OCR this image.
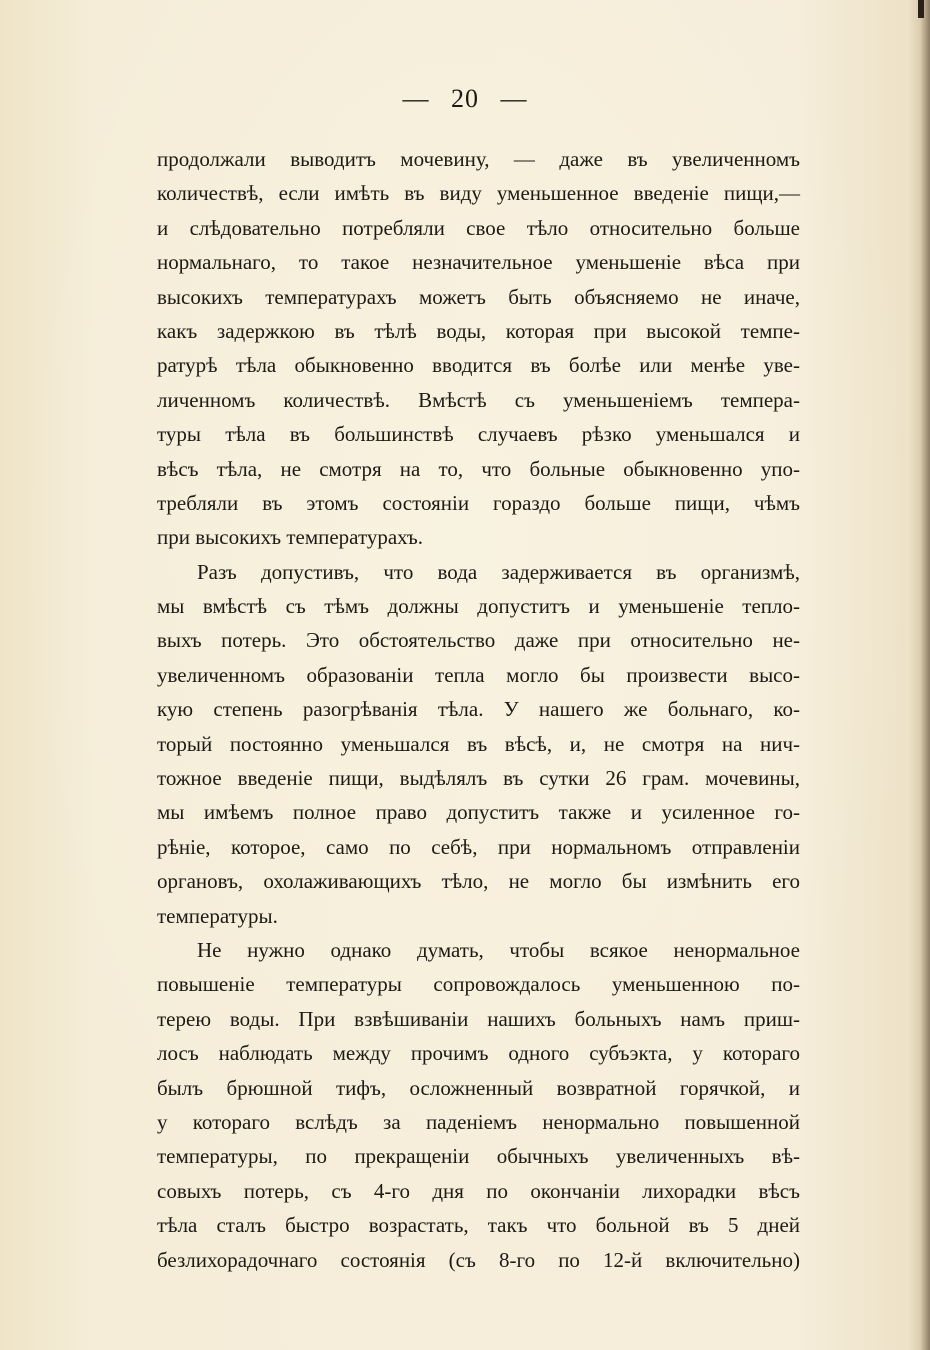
— 20 —
продолжали выводитъ мочевину, — даже въ увеличенномъ
количествѣ, если имѣть въ виду уменьшенное введеніе пищи,—
и слѣдовательно потребляли свое тѣло относительно больше
нормальнаго, то такое незначительное уменьшеніе вѣса при
высокихъ температурахъ можетъ быть объясняемо не иначе,
какъ задержкою въ тѣлѣ воды, которая при высокой темпе-
ратурѣ тѣла обыкновенно вводится въ болѣе или менѣе уве-
личенномъ количествѣ. Вмѣстѣ съ уменьшеніемъ темпера-
туры тѣла въ большинствѣ случаевъ рѣзко уменьшался и
вѣсъ тѣла, не смотря на то, что больные обыкновенно упо-
требляли въ этомъ состояніи гораздо больше пищи, чѣмъ
при высокихъ температурахъ.
Разъ допустивъ, что вода задерживается въ организмѣ,
мы вмѣстѣ съ тѣмъ должны допуститъ и уменьшеніе тепло-
выхъ потерь. Это обстоятельство даже при относительно не-
увеличенномъ образованіи тепла могло бы произвести высо-
кую степень разогрѣванія тѣла. У нашего же больнаго, ко-
торый постоянно уменьшался въ вѣсѣ, и, не смотря на нич-
тожное введеніе пищи, выдѣлялъ въ сутки 26 грам. мочевины,
мы имѣемъ полное право допуститъ также и усиленное го-
рѣніе, которое, само по себѣ, при нормальномъ отправленіи
органовъ, охолаживающихъ тѣло, не могло бы измѣнить его
температуры.
Не нужно однако думать, чтобы всякое ненормальное
повышеніе температуры сопровождалось уменьшенною по-
терею воды. При взвѣшиваніи нашихъ больныхъ намъ приш-
лосъ наблюдать между прочимъ одного субъэкта, у котораго
былъ брюшной тифъ, осложненный возвратной горячкой, и
у котораго вслѣдъ за паденіемъ ненормально повышенной
температуры, по прекращеніи обычныхъ увеличенныхъ вѣ-
совыхъ потерь, съ 4-го дня по окончаніи лихорадки вѣсъ
тѣла сталъ быстро возрастать, такъ что больной въ 5 дней
безлихорадочнаго состоянія (съ 8-го по 12-й включительно)
